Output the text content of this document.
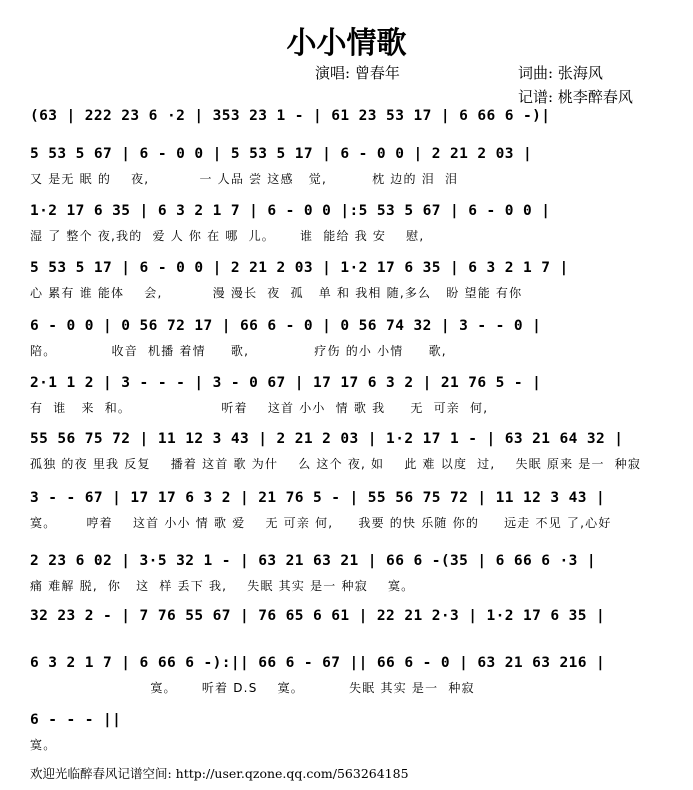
小小情歌
演唱: 曾春年	词曲: 张海风
记谱: 桃李醉春风
(63 | 222 23 6 ·2 | 353 23 1 - | 61 23 53 17 | 6 66 6 -)|
5 53 5 67 | 6 - 0 0 | 5 53 5 17 | 6 - 0 0 | 2 21 2 03 |
又 是无 眠 的    夜,          一 人品 尝 这感   觉,         枕 边的 泪  泪
1·2 17 6 35 | 6 3 2 1 7 | 6 - 0 0 |:5 53 5 67 | 6 - 0 0 |
湿 了 整个 夜,我的  爱 人 你 在 哪  儿。     谁  能给 我 安    慰,
5 53 5 17 | 6 - 0 0 | 2 21 2 03 | 1·2 17 6 35 | 6 3 2 1 7 |
心 累有 谁 能体    会,          漫 漫长  夜  孤   单 和 我相 随,多么   盼 望能 有你
6 - 0 0 | 0 56 72 17 | 66 6 - 0 | 0 56 74 32 | 3 - - 0 |
陪。           收音  机播 着情     歌,             疗伤 的小 小情     歌,
2·1 1 2 | 3 - - - | 3 - 0 67 | 17 17 6 3 2 | 21 76 5 - |
有  谁   来  和。                  听着    这首 小小  情 歌 我     无  可亲  何,
55 56 75 72 | 11 12 3 43 | 2 21 2 03 | 1·2 17 1 - | 63 21 64 32 |
孤独 的夜 里我 反复    播着 这首 歌 为什    么 这个 夜, 如    此 难 以度  过,    失眠 原来 是一  种寂
3 - - 67 | 17 17 6 3 2 | 21 76 5 - | 55 56 75 72 | 11 12 3 43 |
寞。      哼着    这首 小小 情 歌 爱    无 可亲 何,     我要 的快 乐随 你的     远走 不见 了,心好
2 23 6 02 | 3·5 32 1 - | 63 21 63 21 | 66 6 -(35 | 6 66 6 ·3 |
痛 难解 脱,  你   这  样 丢下 我,    失眠 其实 是一 种寂    寞。
32 23 2 - | 7 76 55 67 | 76 65 6 61 | 22 21 2·3 | 1·2 17 6 35 |
6 3 2 1 7 | 6 66 6 -):|| 66 6 - 67 || 66 6 - 0 | 63 21 63 216 |
寞。     听着 D.S    寞。         失眠 其实 是一  种寂
6 - - - ||
寞。
欢迎光临醉春风记谱空间: http://user.qzone.qq.com/563264185
